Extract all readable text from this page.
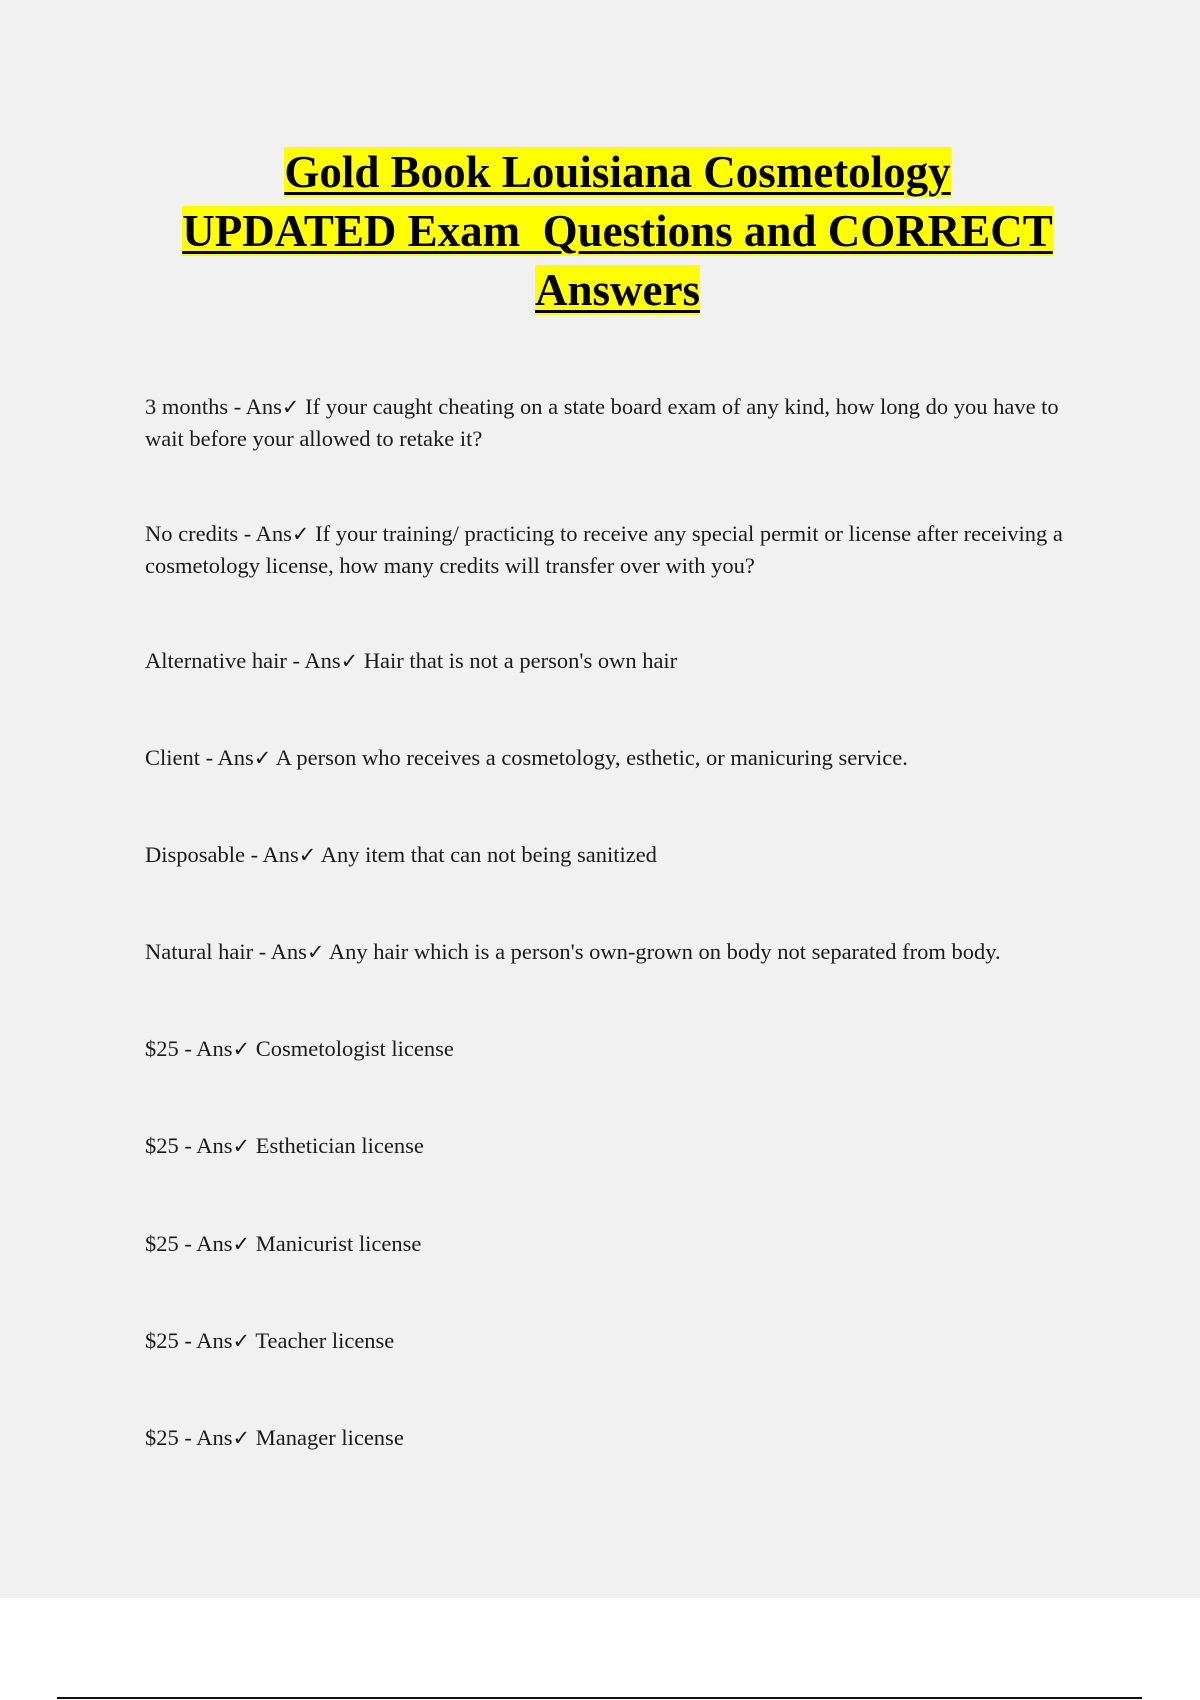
Gold Book Louisiana Cosmetology
UPDATED Exam  Questions and CORRECT
Answers
3 months - Ans✓ If your caught cheating on a state board exam of any kind, how long do you have to wait before your allowed to retake it?
No credits - Ans✓ If your training/ practicing to receive any special permit or license after receiving a cosmetology license, how many credits will transfer over with you?
Alternative hair - Ans✓ Hair that is not a person's own hair
Client - Ans✓ A person who receives a cosmetology, esthetic, or manicuring service.
Disposable - Ans✓ Any item that can not being sanitized
Natural hair - Ans✓ Any hair which is a person's own-grown on body not separated from body.
$25 - Ans✓ Cosmetologist license
$25 - Ans✓ Esthetician license
$25 - Ans✓ Manicurist license
$25 - Ans✓ Teacher license
$25 - Ans✓ Manager license
